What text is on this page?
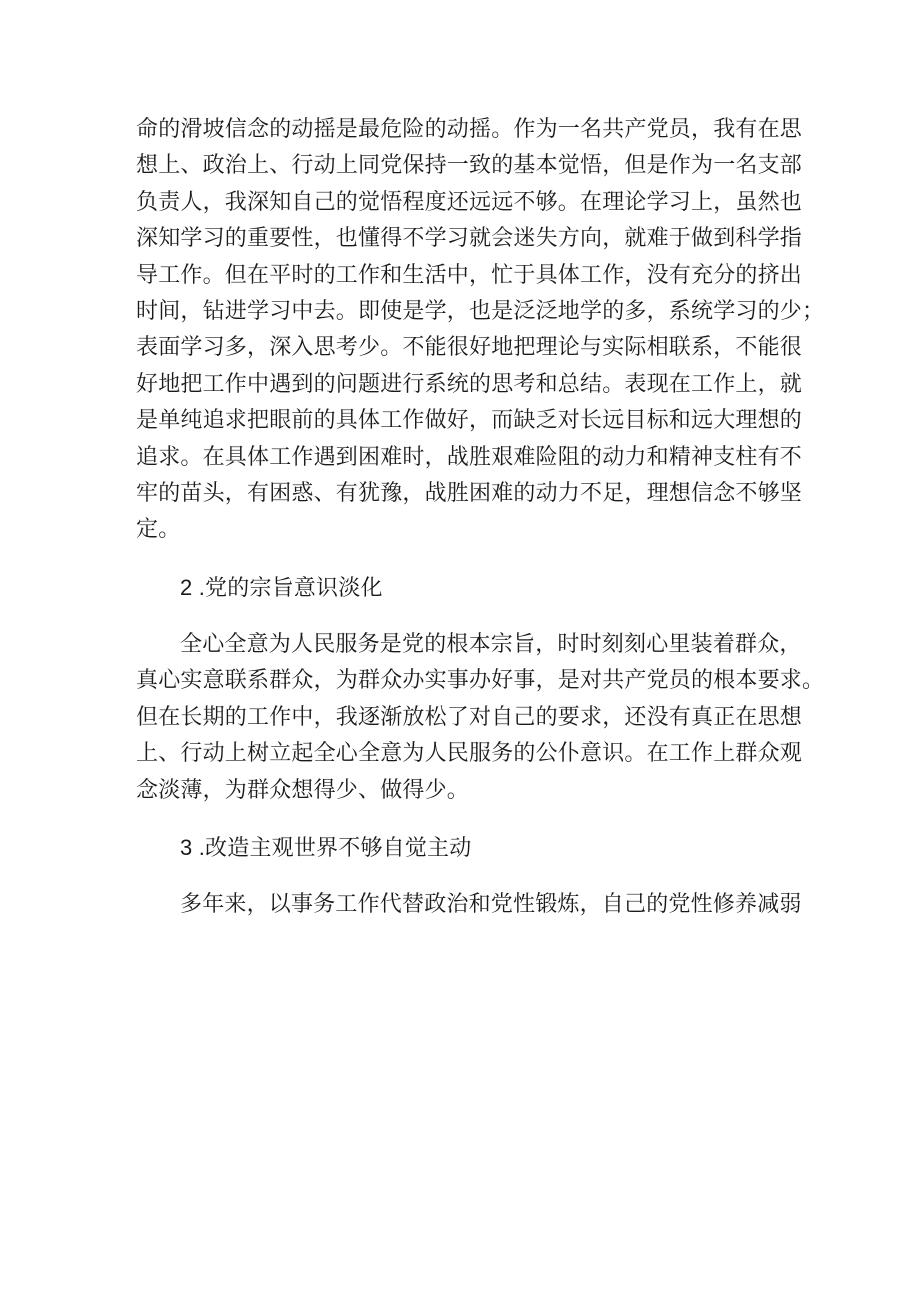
命的滑坡信念的动摇是最危险的动摇。作为一名共产党员，我有在思
想上、政治上、行动上同党保持一致的基本觉悟，但是作为一名支部
负责人，我深知自己的觉悟程度还远远不够。在理论学习上，虽然也
深知学习的重要性，也懂得不学习就会迷失方向，就难于做到科学指
导工作。但在平时的工作和生活中，忙于具体工作，没有充分的挤出
时间，钻进学习中去。即使是学，也是泛泛地学的多，系统学习的少；
表面学习多，深入思考少。不能很好地把理论与实际相联系，不能很
好地把工作中遇到的问题进行系统的思考和总结。表现在工作上，就
是单纯追求把眼前的具体工作做好，而缺乏对长远目标和远大理想的
追求。在具体工作遇到困难时，战胜艰难险阻的动力和精神支柱有不
牢的苗头，有困惑、有犹豫，战胜困难的动力不足，理想信念不够坚
定。
2 .党的宗旨意识淡化
全心全意为人民服务是党的根本宗旨，时时刻刻心里装着群众，
真心实意联系群众，为群众办实事办好事，是对共产党员的根本要求。
但在长期的工作中，我逐渐放松了对自己的要求，还没有真正在思想
上、行动上树立起全心全意为人民服务的公仆意识。在工作上群众观
念淡薄，为群众想得少、做得少。
3 .改造主观世界不够自觉主动
多年来，以事务工作代替政治和党性锻炼，自己的党性修养减弱
